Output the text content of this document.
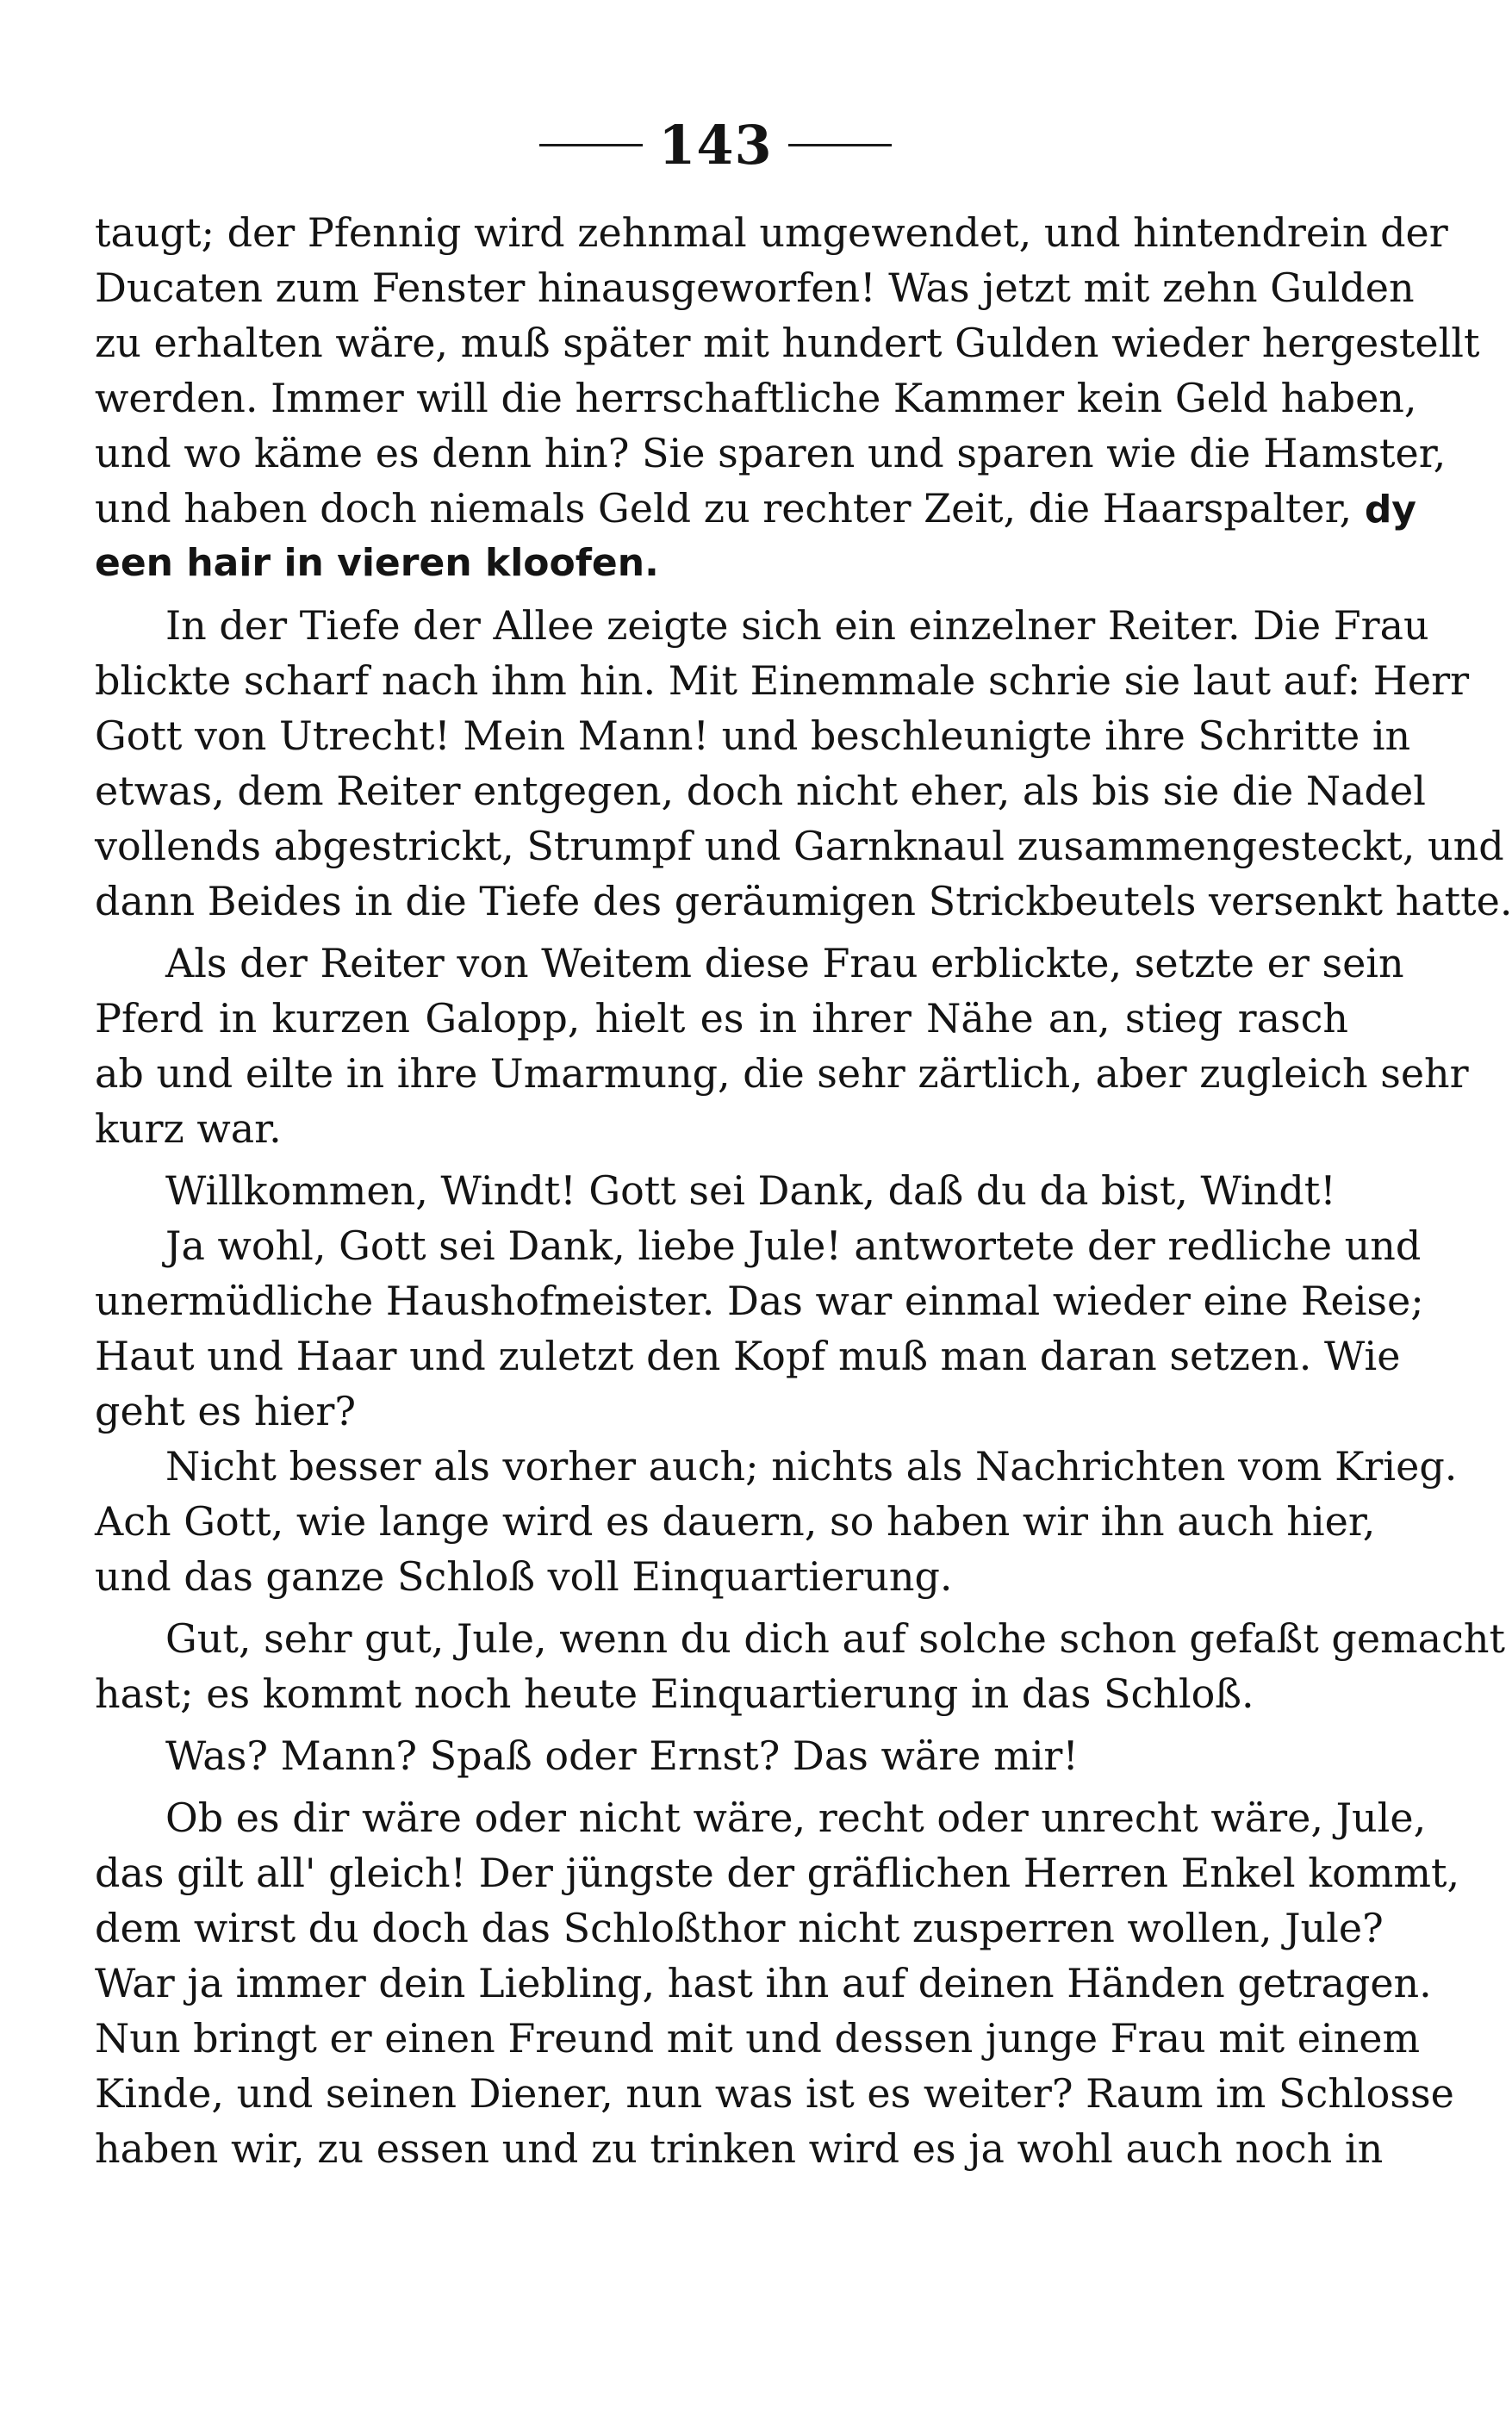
143
taugt; der Pfennig wird zehnmal umgewendet, und hintendrein der
Ducaten zum Fenster hinausgeworfen! Was jetzt mit zehn Gulden
zu erhalten wäre, muß später mit hundert Gulden wieder hergestellt
werden. Immer will die herrschaftliche Kammer kein Geld haben,
und wo käme es denn hin? Sie sparen und sparen wie die Hamster,
und haben doch niemals Geld zu rechter Zeit, die Haarspalter, dy
een hair in vieren kloofen.
In der Tiefe der Allee zeigte sich ein einzelner Reiter. Die Frau
blickte scharf nach ihm hin. Mit Einemmale schrie sie laut auf: Herr
Gott von Utrecht! Mein Mann! und beschleunigte ihre Schritte in
etwas, dem Reiter entgegen, doch nicht eher, als bis sie die Nadel
vollends abgestrickt, Strumpf und Garnknaul zusammengesteckt, und
dann Beides in die Tiefe des geräumigen Strickbeutels versenkt hatte.
Als der Reiter von Weitem diese Frau erblickte, setzte er sein
Pferd in kurzen Galopp, hielt es in ihrer Nähe an, stieg rasch
ab und eilte in ihre Umarmung, die sehr zärtlich, aber zugleich sehr
kurz war.
Willkommen, Windt! Gott sei Dank, daß du da bist, Windt!
Ja wohl, Gott sei Dank, liebe Jule! antwortete der redliche und
unermüdliche Haushofmeister. Das war einmal wieder eine Reise;
Haut und Haar und zuletzt den Kopf muß man daran setzen. Wie
geht es hier?
Nicht besser als vorher auch; nichts als Nachrichten vom Krieg.
Ach Gott, wie lange wird es dauern, so haben wir ihn auch hier,
und das ganze Schloß voll Einquartierung.
Gut, sehr gut, Jule, wenn du dich auf solche schon gefaßt gemacht
hast; es kommt noch heute Einquartierung in das Schloß.
Was? Mann? Spaß oder Ernst? Das wäre mir!
Ob es dir wäre oder nicht wäre, recht oder unrecht wäre, Jule,
das gilt all' gleich! Der jüngste der gräflichen Herren Enkel kommt,
dem wirst du doch das Schloßthor nicht zusperren wollen, Jule?
War ja immer dein Liebling, hast ihn auf deinen Händen getragen.
Nun bringt er einen Freund mit und dessen junge Frau mit einem
Kinde, und seinen Diener, nun was ist es weiter? Raum im Schlosse
haben wir, zu essen und zu trinken wird es ja wohl auch noch in
